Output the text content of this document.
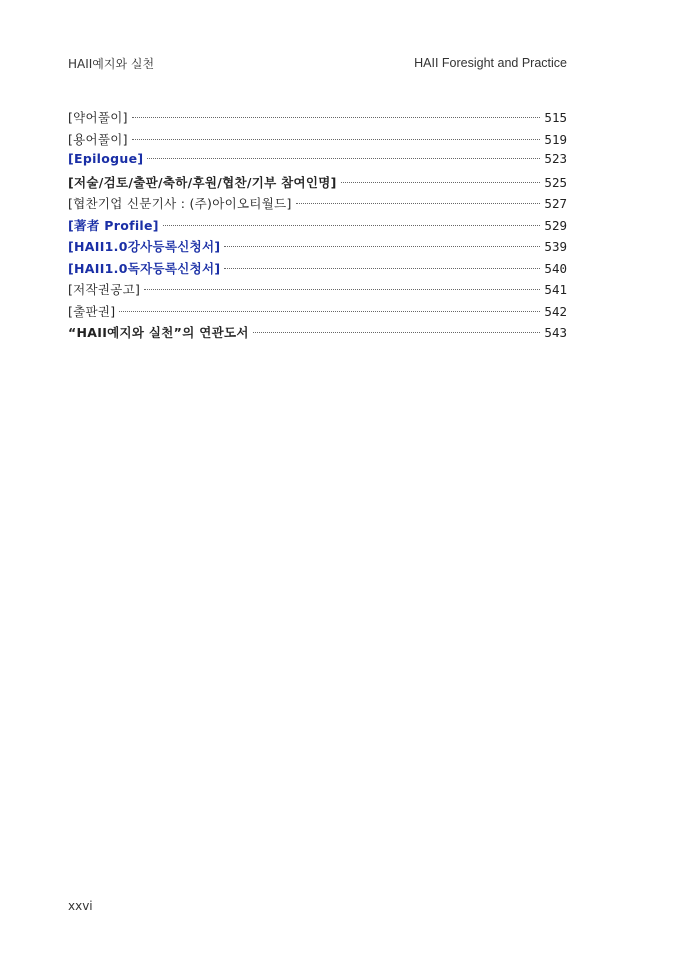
HAII예지와 실천	HAII Foresight and Practice
[약어풀이]	515
[용어풀이]	519
[Epilogue]	523
[저술/검토/출판/축하/후원/협찬/기부 참여인명]	525
[협찬기업 신문기사 : (주)아이오티월드]	527
[著者 Profile]	529
[HAII1.0강사등록신청서]	539
[HAII1.0독자등록신청서]	540
[저작권공고]	541
[출판권]	542
“HAII예지와 실천”의 연관도서	543
xxvi
